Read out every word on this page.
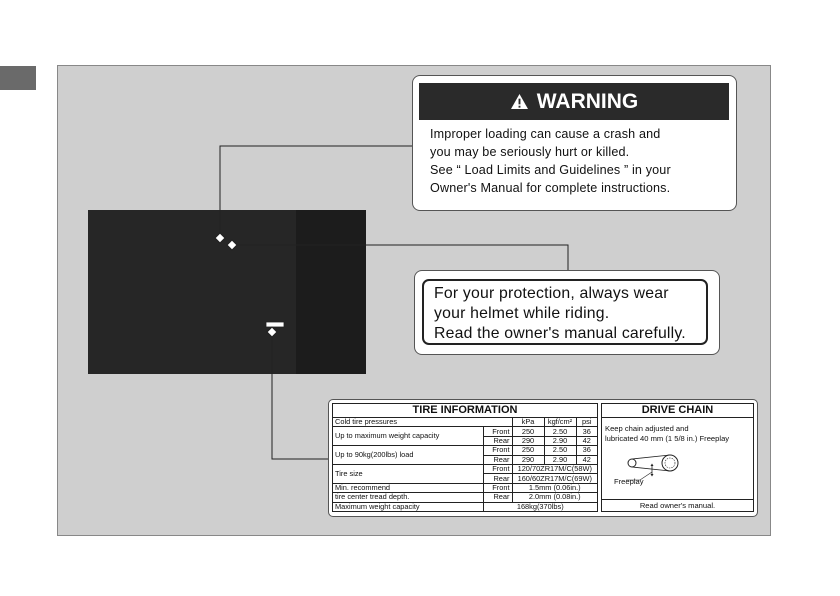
WARNING
Improper loading can cause a crash and
you may be seriously hurt or killed.
See “ Load Limits and Guidelines ” in your
Owner's Manual for complete instructions.
For your protection, always wear
your helmet while riding.
Read the owner's manual carefully.
TIRE INFORMATION
Cold tire pressures		kPa	kgf/cm²	psi
Up to maximum weight capacity	Front	250	2.50	36
	Rear	290	2.90	42
Up to 90kg(200lbs) load	Front	250	2.50	36
	Rear	290	2.90	42
Tire size	Front	120/70ZR17M/C(58W)		
	Rear	160/60ZR17M/C(69W)		
Min. recommend	Front	1.5mm (0.06in.)		
tire center tread depth.	Rear	2.0mm (0.08in.)		
Maximum weight capacity	168kg(370lbs)			
DRIVE CHAIN
Keep chain adjusted and
lubricated 40 mm (1 5/8 in.) Freeplay
Freeplay
Read owner's manual.
